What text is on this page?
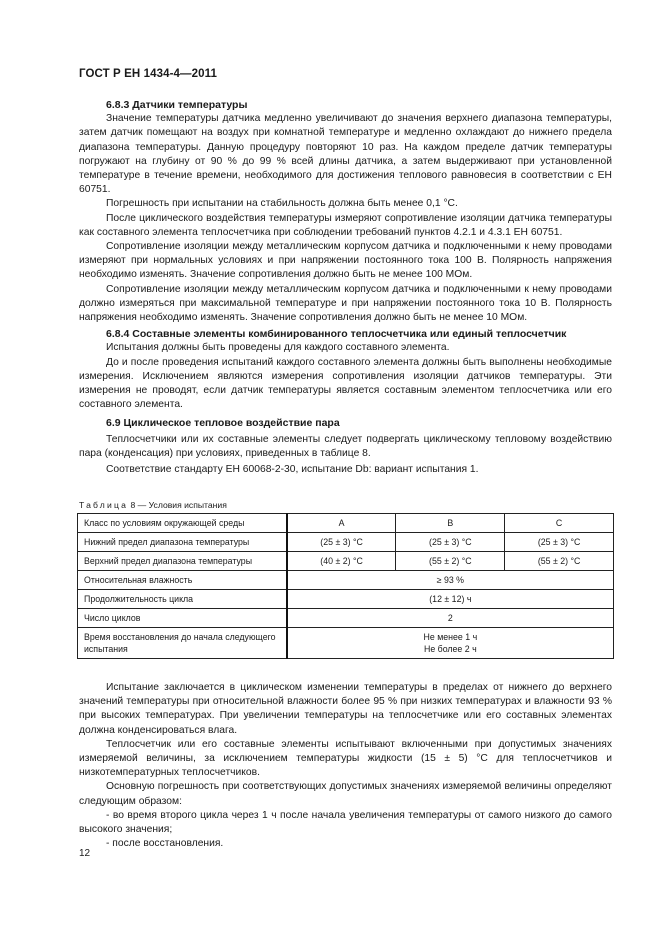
ГОСТ Р ЕН 1434-4—2011
6.8.3 Датчики температуры

Значение температуры датчика медленно увеличивают до значения верхнего диапазона температуры, затем датчик помещают на воздух при комнатной температуре и медленно охлаждают до нижнего предела диапазона температуры. Данную процедуру повторяют 10 раз. На каждом пределе датчик температуры погружают на глубину от 90 % до 99 % всей длины датчика, а затем выдерживают при установленной температуре в течение времени, необходимого для достижения теплового равновесия в соответствии с ЕН 60751.

Погрешность при испытании на стабильность должна быть менее 0,1 °С.

После циклического воздействия температуры измеряют сопротивление изоляции датчика температуры как составного элемента теплосчетчика при соблюдении требований пунктов 4.2.1 и 4.3.1 ЕН 60751.

Сопротивление изоляции между металлическим корпусом датчика и подключенными к нему проводами измеряют при нормальных условиях и при напряжении постоянного тока 100 В. Полярность напряжения необходимо изменять. Значение сопротивления должно быть не менее 100 МОм.

Сопротивление изоляции между металлическим корпусом датчика и подключенными к нему проводами должно измеряться при максимальной температуре и при напряжении постоянного тока 10 В. Полярность напряжения необходимо изменять. Значение сопротивления должно быть не менее 10 МОм.

6.8.4 Составные элементы комбинированного теплосчетчика или единый теплосчетчик

Испытания должны быть проведены для каждого составного элемента.

До и после проведения испытаний каждого составного элемента должны быть выполнены необходимые измерения. Исключением являются измерения сопротивления изоляции датчиков температуры. Эти измерения не проводят, если датчик температуры является составным элементом теплосчетчика или его составного элемента.

6.9 Циклическое тепловое воздействие пара

Теплосчетчики или их составные элементы следует подвергать циклическому тепловому воздействию пара (конденсация) при условиях, приведенных в таблице 8.

Соответствие стандарту ЕН 60068-2-30, испытание Db: вариант испытания 1.

Таблица 8 — Условия испытания
Класс по условиям окружающей среды	A	B	C
Нижний предел диапазона температуры	(25 ± 3) °С	(25 ± 3) °С	(25 ± 3) °С
Верхний предел диапазона температуры	(40 ± 2) °С	(55 ± 2) °С	(55 ± 2) °С
Относительная влажность	≥ 93 %		
Продолжительность цикла	(12 ± 12) ч		
Число циклов	2		
Время восстановления до начала следующего испытания	Не менее 1 ч
Не более 2 ч		

Испытание заключается в циклическом изменении температуры в пределах от нижнего до верхнего значений температуры при относительной влажности более 95 % при низких температурах и влажности 93 % при высоких температурах. При увеличении температуры на теплосчетчике или его составных элементах должна конденсироваться влага.

Теплосчетчик или его составные элементы испытывают включенными при допустимых значениях измеряемой величины, за исключением температуры жидкости (15 ± 5) °С для теплосчетчиков и низкотемпературных теплосчетчиков.

Основную погрешность при соответствующих допустимых значениях измеряемой величины определяют следующим образом:

- во время второго цикла через 1 ч после начала увеличения температуры от самого низкого до самого высокого значения;

- после восстановления.

12
